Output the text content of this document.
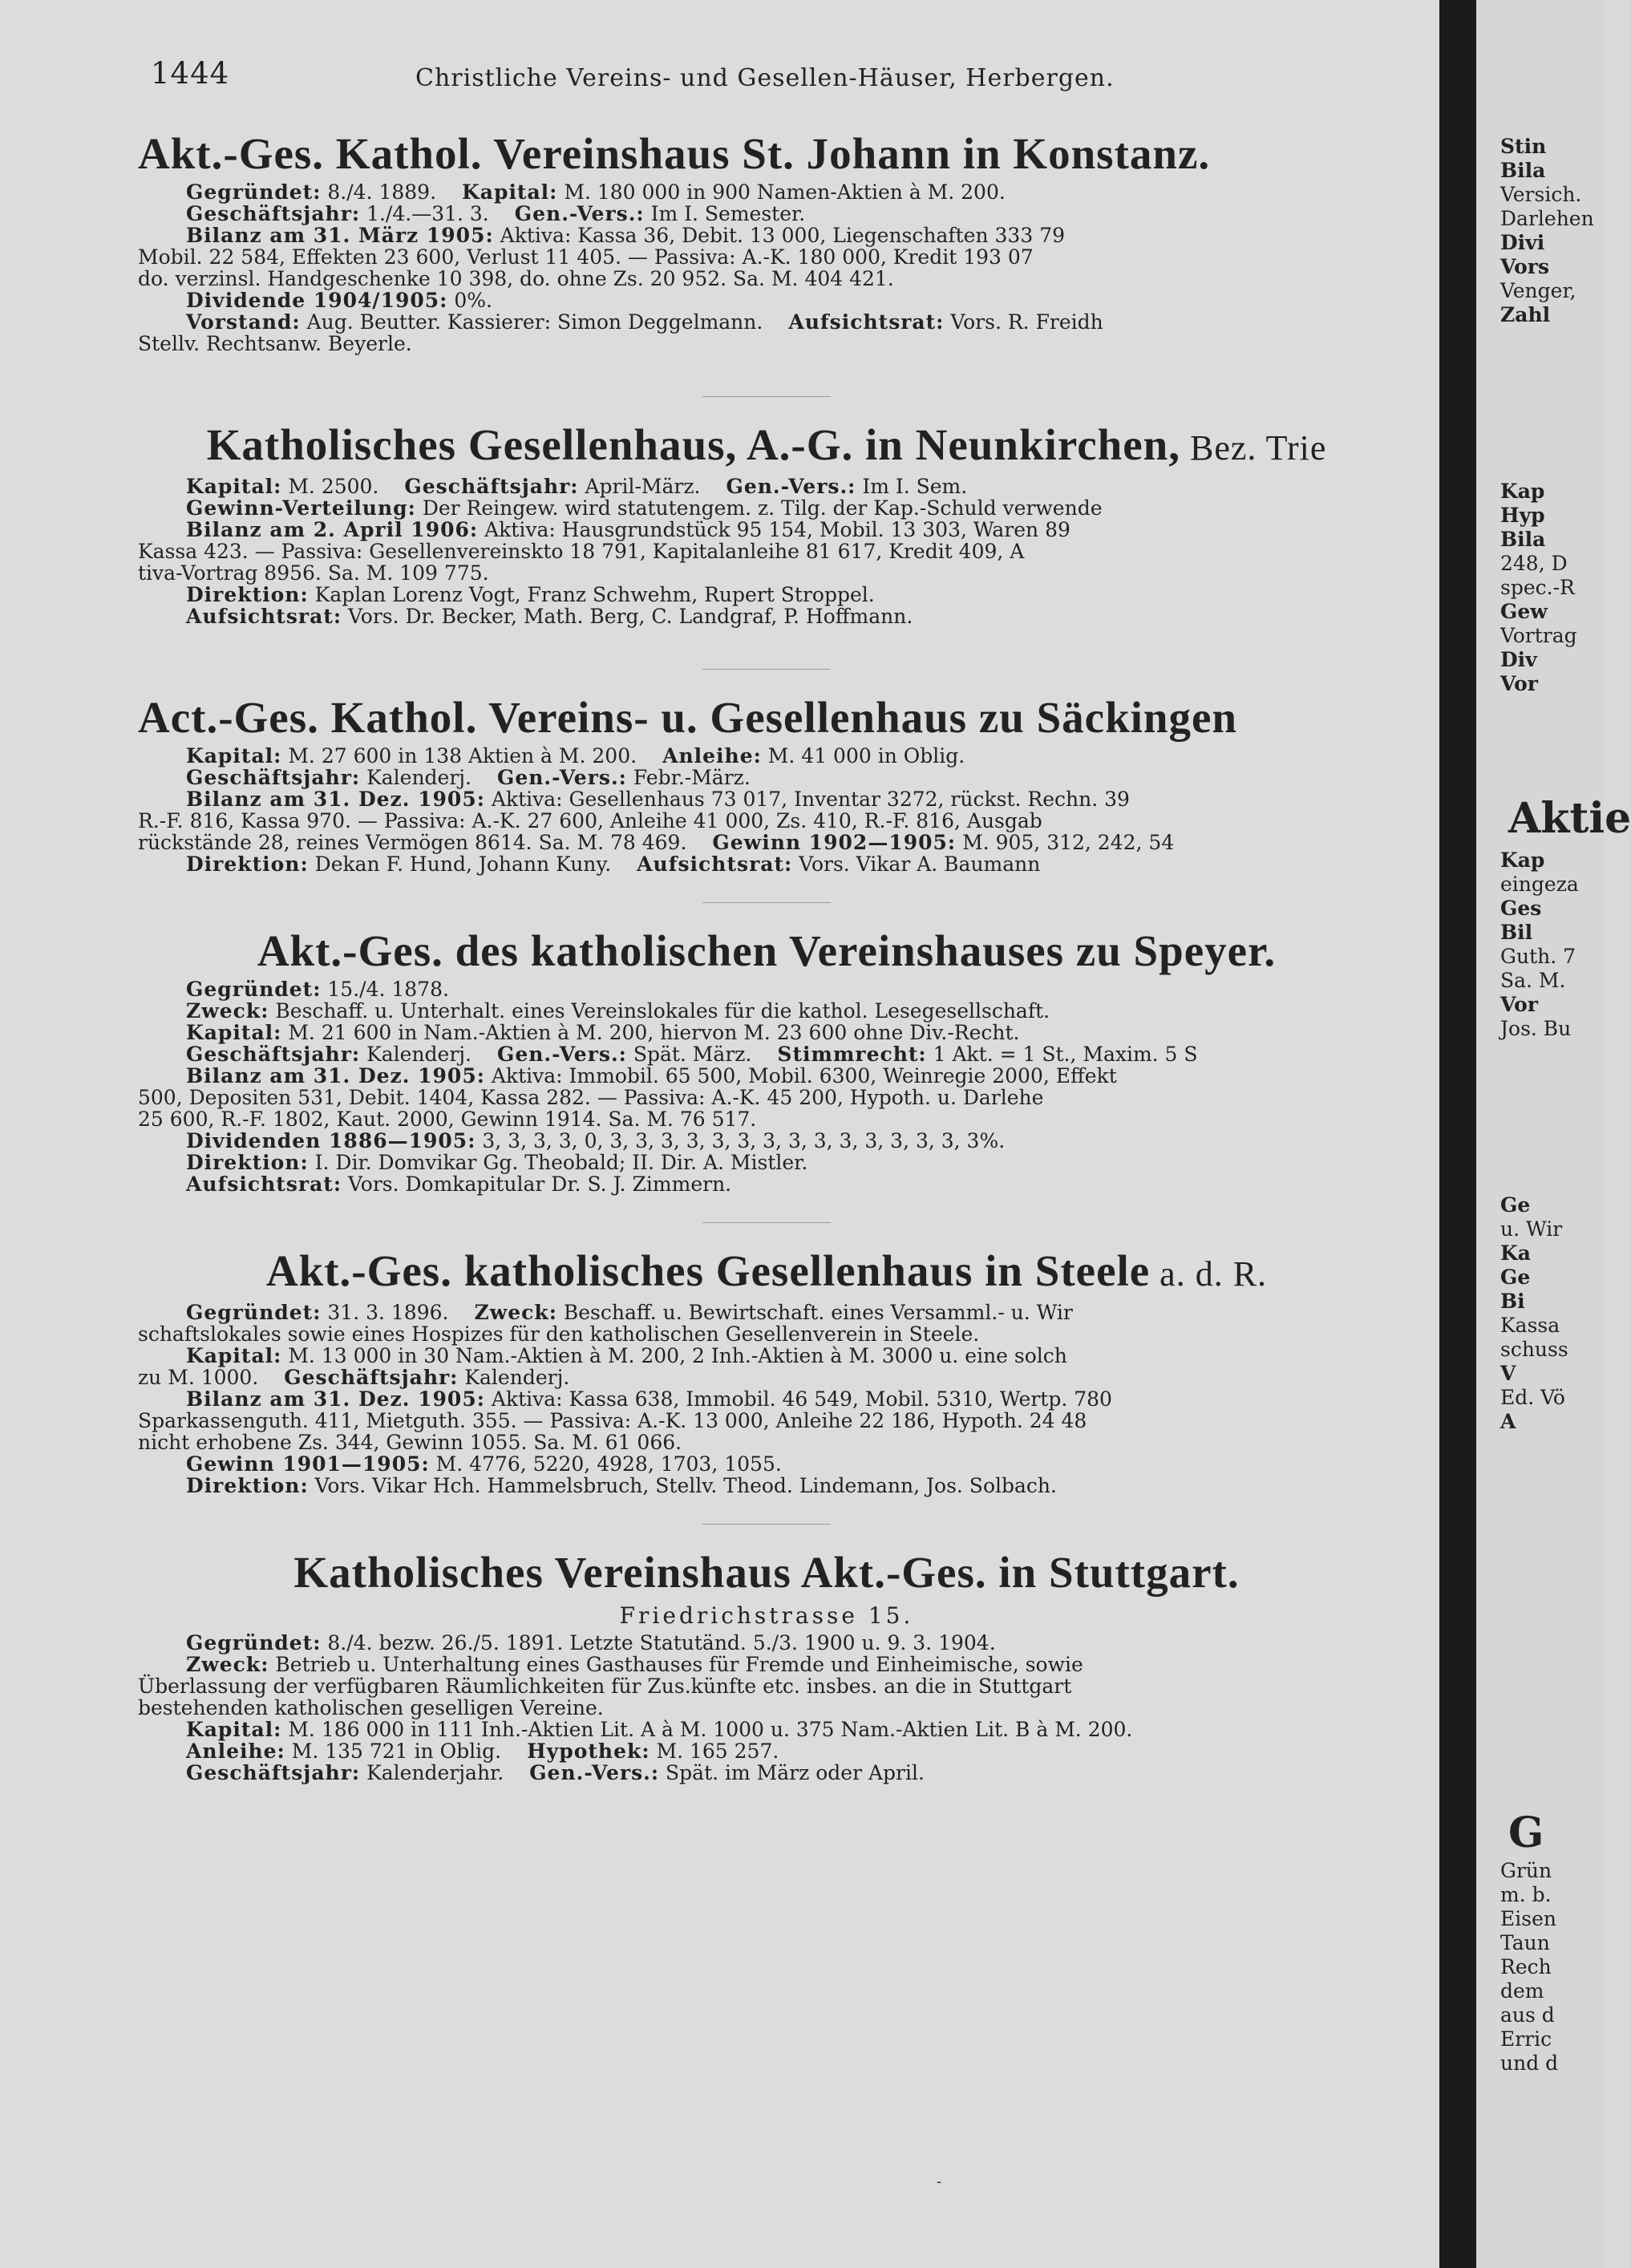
1444	Christliche Vereins- und Gesellen-Häuser, Herbergen.
Akt.-Ges. Kathol. Vereinshaus St. Johann in Konstanz.
Gegründet: 8./4. 1889. Kapital: M. 180 000 in 900 Namen-Aktien à M. 200.
Geschäftsjahr: 1./4.—31. 3. Gen.-Vers.: Im I. Semester.
Bilanz am 31. März 1905: Aktiva: Kassa 36, Debit. 13 000, Liegenschaften 333 79
Mobil. 22 584, Effekten 23 600, Verlust 11 405. — Passiva: A.-K. 180 000, Kredit 193 07
do. verzinsl. Handgeschenke 10 398, do. ohne Zs. 20 952. Sa. M. 404 421.
Dividende 1904/1905: 0%.
Vorstand: Aug. Beutter. Kassierer: Simon Deggelmann. Aufsichtsrat: Vors. R. Freidh
Stellv. Rechtsanw. Beyerle.
Katholisches Gesellenhaus, A.-G. in Neunkirchen, Bez. Trie
Kapital: M. 2500. Geschäftsjahr: April-März. Gen.-Vers.: Im I. Sem.
Gewinn-Verteilung: Der Reingew. wird statutengem. z. Tilg. der Kap.-Schuld verwende
Bilanz am 2. April 1906: Aktiva: Hausgrundstück 95 154, Mobil. 13 303, Waren 89
Kassa 423. — Passiva: Gesellenvereinskto 18 791, Kapitalanleihe 81 617, Kredit 409, A
tiva-Vortrag 8956. Sa. M. 109 775.
Direktion: Kaplan Lorenz Vogt, Franz Schwehm, Rupert Stroppel.
Aufsichtsrat: Vors. Dr. Becker, Math. Berg, C. Landgraf, P. Hoffmann.
Act.-Ges. Kathol. Vereins- u. Gesellenhaus zu Säckingen
Kapital: M. 27 600 in 138 Aktien à M. 200. Anleihe: M. 41 000 in Oblig.
Geschäftsjahr: Kalenderj. Gen.-Vers.: Febr.-März.
Bilanz am 31. Dez. 1905: Aktiva: Gesellenhaus 73 017, Inventar 3272, rückst. Rechn. 39
R.-F. 816, Kassa 970. — Passiva: A.-K. 27 600, Anleihe 41 000, Zs. 410, R.-F. 816, Ausgab
rückstände 28, reines Vermögen 8614. Sa. M. 78 469. Gewinn 1902—1905: M. 905, 312, 242, 54
Direktion: Dekan F. Hund, Johann Kuny. Aufsichtsrat: Vors. Vikar A. Baumann
Akt.-Ges. des katholischen Vereinshauses zu Speyer.
Gegründet: 15./4. 1878.
Zweck: Beschaff. u. Unterhalt. eines Vereinslokales für die kathol. Lesegesellschaft.
Kapital: M. 21 600 in Nam.-Aktien à M. 200, hiervon M. 23 600 ohne Div.-Recht.
Geschäftsjahr: Kalenderj. Gen.-Vers.: Spät. März. Stimmrecht: 1 Akt. = 1 St., Maxim. 5 S
Bilanz am 31. Dez. 1905: Aktiva: Immobil. 65 500, Mobil. 6300, Weinregie 2000, Effekt
500, Depositen 531, Debit. 1404, Kassa 282. — Passiva: A.-K. 45 200, Hypoth. u. Darlehe
25 600, R.-F. 1802, Kaut. 2000, Gewinn 1914. Sa. M. 76 517.
Dividenden 1886—1905: 3, 3, 3, 3, 0, 3, 3, 3, 3, 3, 3, 3, 3, 3, 3, 3, 3, 3, 3, 3%.
Direktion: I. Dir. Domvikar Gg. Theobald; II. Dir. A. Mistler.
Aufsichtsrat: Vors. Domkapitular Dr. S. J. Zimmern.
Akt.-Ges. katholisches Gesellenhaus in Steele a. d. R.
Gegründet: 31. 3. 1896. Zweck: Beschaff. u. Bewirtschaft. eines Versamml.- u. Wir
schaftslokales sowie eines Hospizes für den katholischen Gesellenverein in Steele.
Kapital: M. 13 000 in 30 Nam.-Aktien à M. 200, 2 Inh.-Aktien à M. 3000 u. eine solch
zu M. 1000. Geschäftsjahr: Kalenderj.
Bilanz am 31. Dez. 1905: Aktiva: Kassa 638, Immobil. 46 549, Mobil. 5310, Wertp. 780
Sparkassenguth. 411, Mietguth. 355. — Passiva: A.-K. 13 000, Anleihe 22 186, Hypoth. 24 48
nicht erhobene Zs. 344, Gewinn 1055. Sa. M. 61 066.
Gewinn 1901—1905: M. 4776, 5220, 4928, 1703, 1055.
Direktion: Vors. Vikar Hch. Hammelsbruch, Stellv. Theod. Lindemann, Jos. Solbach.
Katholisches Vereinshaus Akt.-Ges. in Stuttgart.
Friedrichstrasse 15.
Gegründet: 8./4. bezw. 26./5. 1891. Letzte Statutänd. 5./3. 1900 u. 9. 3. 1904.
Zweck: Betrieb u. Unterhaltung eines Gasthauses für Fremde und Einheimische, sowie
Überlassung der verfügbaren Räumlichkeiten für Zus.künfte etc. insbes. an die in Stuttgart
bestehenden katholischen geselligen Vereine.
Kapital: M. 186 000 in 111 Inh.-Aktien Lit. A à M. 1000 u. 375 Nam.-Aktien Lit. B à M. 200.
Anleihe: M. 135 721 in Oblig. Hypothek: M. 165 257.
Geschäftsjahr: Kalenderjahr. Gen.-Vers.: Spät. im März oder April.
-
Stin
Bila
Versich.
Darlehen
Divi
Vors
Venger,
Zahl
Kap
Hyp
Bila
248, D
spec.-R
Gew
Vortrag
Div
Vor
Kap
eingeza
Ges
Bil
Guth. 7
Sa. M.
Vor
Jos. Bu
Ge
u. Wir
Ka
Ge
Bi
Kassa
schuss
V
Ed. Vö
A
Grün
m. b.
Eisen
Taun
Rech
dem
aus d
Erric
und d
Aktie
G
